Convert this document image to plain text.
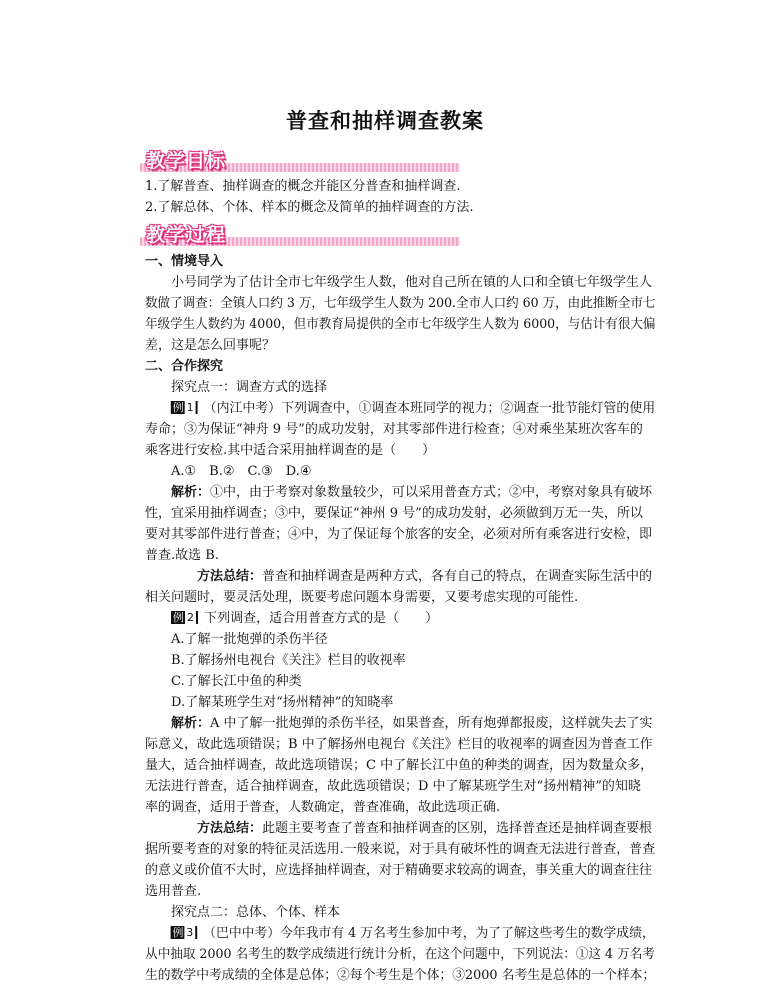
普查和抽样调查教案
教学目标
教学过程
1.了解普查、抽样调查的概念并能区分普查和抽样调查.
2.了解总体、个体、样本的概念及简单的抽样调查的方法.
一、情境导入
小号同学为了估计全市七年级学生人数，他对自己所在镇的人口和全镇七年级学生人
数做了调查：全镇人口约 3 万，七年级学生人数为 200.全市人口约 60 万，由此推断全市七
年级学生人数约为 4000，但市教育局提供的全市七年级学生人数为 6000，与估计有很大偏
差，这是怎么回事呢？
二、合作探究
探究点一：调查方式的选择
例 1 （内江中考）下列调查中，①调查本班同学的视力；②调查一批节能灯管的使用
寿命；③为保证“神舟 9 号”的成功发射，对其零部件进行检查；④对乘坐某班次客车的
乘客进行安检.其中适合采用抽样调查的是（　　）
A.①　B.②　C.③　D.④
解析：①中，由于考察对象数量较少，可以采用普查方式；②中，考察对象具有破坏
性，宜采用抽样调查；③中，要保证“神州 9 号”的成功发射，必须做到万无一失，所以
要对其零部件进行普查；④中，为了保证每个旅客的安全，必须对所有乘客进行安检，即
普查.故选 B.
方法总结：普查和抽样调查是两种方式，各有自己的特点，在调查实际生活中的
相关问题时，要灵活处理，既要考虑问题本身需要，又要考虑实现的可能性.
例 2 下列调查，适合用普查方式的是（　　）
A.了解一批炮弹的杀伤半径
B.了解扬州电视台《关注》栏目的收视率
C.了解长江中鱼的种类
D.了解某班学生对“扬州精神”的知晓率
解析：A 中了解一批炮弹的杀伤半径，如果普查，所有炮弹都报废，这样就失去了实
际意义，故此选项错误；B 中了解扬州电视台《关注》栏目的收视率的调查因为普查工作
量大，适合抽样调查，故此选项错误；C 中了解长江中鱼的种类的调查，因为数量众多，
无法进行普查，适合抽样调查，故此选项错误；D 中了解某班学生对“扬州精神”的知晓
率的调查，适用于普查，人数确定，普查准确，故此选项正确.
方法总结：此题主要考查了普查和抽样调查的区别，选择普查还是抽样调查要根
据所要考查的对象的特征灵活选用.一般来说，对于具有破坏性的调查无法进行普查，普查
的意义或价值不大时，应选择抽样调查，对于精确要求较高的调查，事关重大的调查往往
选用普查.
探究点二：总体、个体、样本
例 3 （巴中中考）今年我市有 4 万名考生参加中考，为了了解这些考生的数学成绩，
从中抽取 2000 名考生的数学成绩进行统计分析，在这个问题中，下列说法：①这 4 万名考
生的数学中考成绩的全体是总体；②每个考生是个体；③2000 名考生是总体的一个样本；
